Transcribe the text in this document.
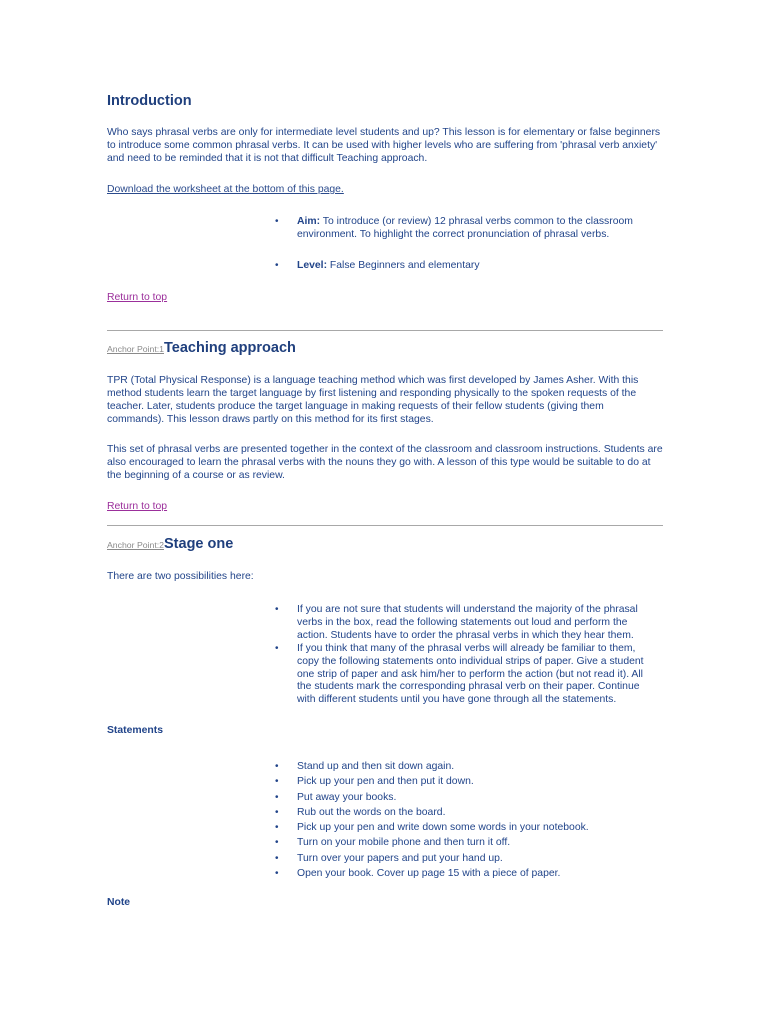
Introduction

Who says phrasal verbs are only for intermediate level students and up? This lesson is for elementary or false beginners to introduce some common phrasal verbs. It can be used with higher levels who are suffering from 'phrasal verb anxiety' and need to be reminded that it is not that difficult Teaching approach.

Download the worksheet at the bottom of this page.
• Aim: To introduce (or review) 12 phrasal verbs common to the classroom environment. To highlight the correct pronunciation of phrasal verbs.
• Level: False Beginners and elementary
Return to top
Anchor Point:1 Teaching approach

TPR (Total Physical Response) is a language teaching method which was first developed by James Asher. With this method students learn the target language by first listening and responding physically to the spoken requests of the teacher. Later, students produce the target language in making requests of their fellow students (giving them commands). This lesson draws partly on this method for its first stages.

This set of phrasal verbs are presented together in the context of the classroom and classroom instructions. Students are also encouraged to learn the phrasal verbs with the nouns they go with. A lesson of this type would be suitable to do at the beginning of a course or as review.

Return to top
Anchor Point:2 Stage one

There are two possibilities here:

• If you are not sure that students will understand the majority of the phrasal verbs in the box, read the following statements out loud and perform the action. Students have to order the phrasal verbs in which they hear them.
• If you think that many of the phrasal verbs will already be familiar to them, copy the following statements onto individual strips of paper. Give a student one strip of paper and ask him/her to perform the action (but not read it). All the students mark the corresponding phrasal verb on their paper. Continue with different students until you have gone through all the statements.
Statements
• Stand up and then sit down again.
• Pick up your pen and then put it down.
• Put away your books.
• Rub out the words on the board.
• Pick up your pen and write down some words in your notebook.
• Turn on your mobile phone and then turn it off.
• Turn over your papers and put your hand up.
• Open your book. Cover up page 15 with a piece of paper.
Note
